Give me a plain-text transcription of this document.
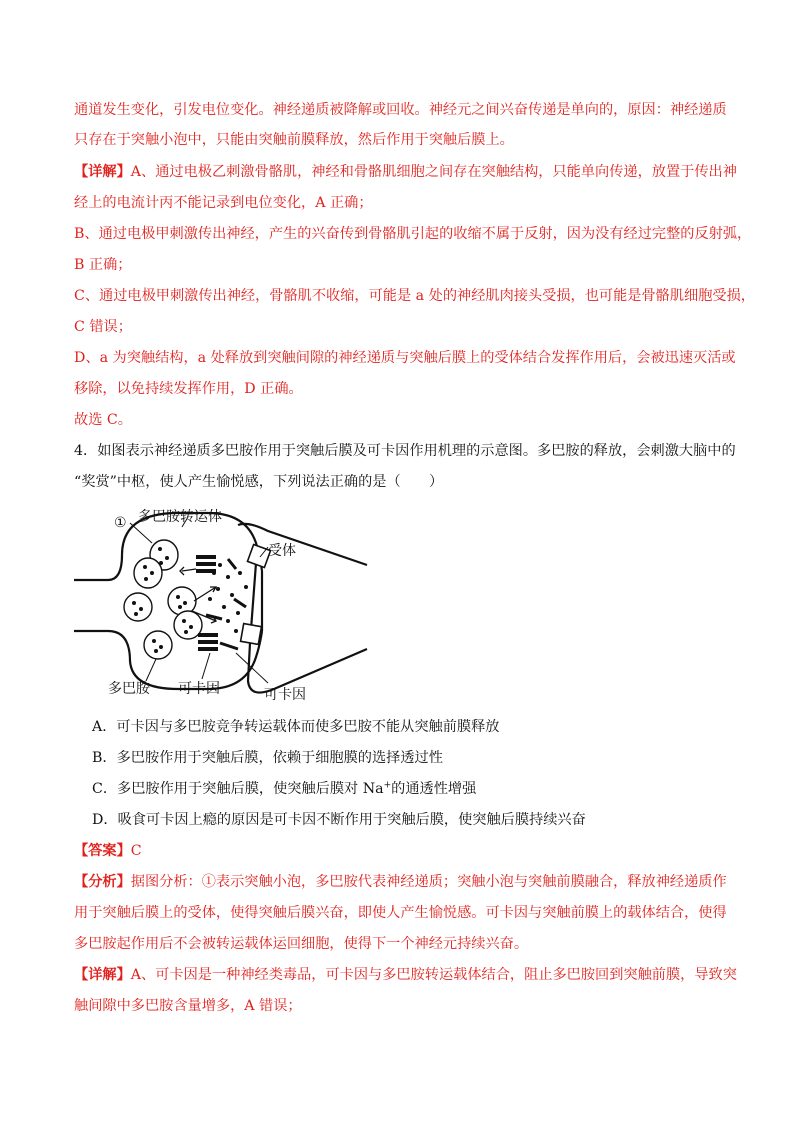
通道发生变化，引发电位变化。神经递质被降解或回收。神经元之间兴奋传递是单向的，原因：神经递质
只存在于突触小泡中，只能由突触前膜释放，然后作用于突触后膜上。
【详解】A、通过电极乙刺激骨骼肌，神经和骨骼肌细胞之间存在突触结构，只能单向传递，放置于传出神
经上的电流计丙不能记录到电位变化，A 正确；
B、通过电极甲刺激传出神经，产生的兴奋传到骨骼肌引起的收缩不属于反射，因为没有经过完整的反射弧，
B 正确；
C、通过电极甲刺激传出神经，骨骼肌不收缩，可能是 a 处的神经肌肉接头受损，也可能是骨骼肌细胞受损，
C 错误；
D、a 为突触结构，a 处释放到突触间隙的神经递质与突触后膜上的受体结合发挥作用后，会被迅速灭活或
移除，以免持续发挥作用，D 正确。
故选 C。
4．如图表示神经递质多巴胺作用于突触后膜及可卡因作用机理的示意图。多巴胺的释放，会刺激大脑中的
“奖赏”中枢，使人产生愉悦感，下列说法正确的是（　　）
① 多巴胺转运体
受体
多巴胺 可卡因	可卡因
A．可卡因与多巴胺竞争转运载体而使多巴胺不能从突触前膜释放
B．多巴胺作用于突触后膜，依赖于细胞膜的选择透过性
C．多巴胺作用于突触后膜，使突触后膜对 Na+的通透性增强
D．吸食可卡因上瘾的原因是可卡因不断作用于突触后膜，使突触后膜持续兴奋
【答案】C
【分析】据图分析：①表示突触小泡，多巴胺代表神经递质；突触小泡与突触前膜融合，释放神经递质作
用于突触后膜上的受体，使得突触后膜兴奋，即使人产生愉悦感。可卡因与突触前膜上的载体结合，使得
多巴胺起作用后不会被转运载体运回细胞，使得下一个神经元持续兴奋。
【详解】A、可卡因是一种神经类毒品，可卡因与多巴胺转运载体结合，阻止多巴胺回到突触前膜，导致突
触间隙中多巴胺含量增多，A 错误；
